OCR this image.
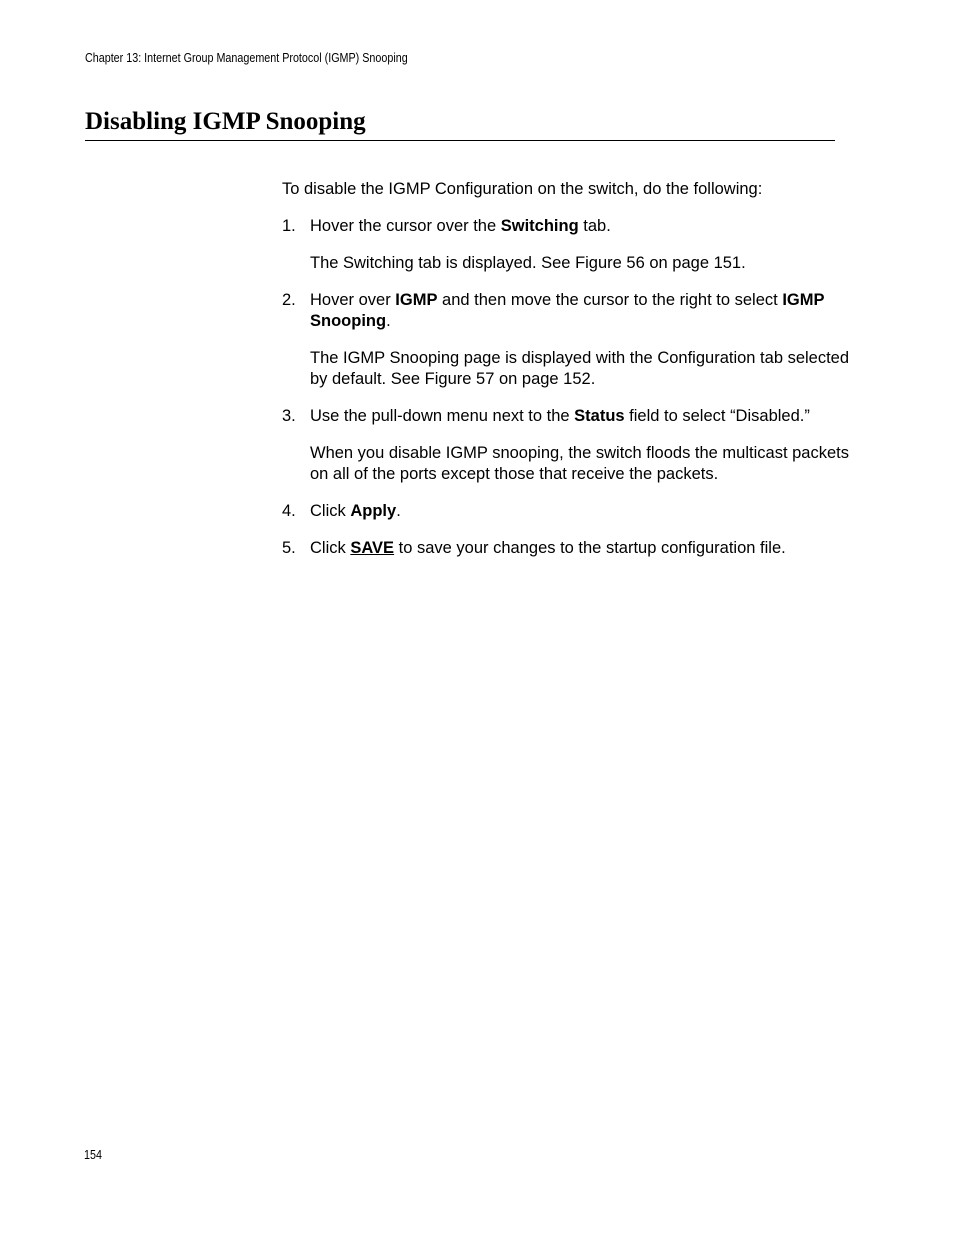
Chapter 13: Internet Group Management Protocol (IGMP) Snooping
Disabling IGMP Snooping

To disable the IGMP Configuration on the switch, do the following:

1. Hover the cursor over the Switching tab.

The Switching tab is displayed. See Figure 56 on page 151.

2. Hover over IGMP and then move the cursor to the right to select IGMP Snooping.

The IGMP Snooping page is displayed with the Configuration tab selected by default. See Figure 57 on page 152.

3. Use the pull-down menu next to the Status field to select “Disabled.”

When you disable IGMP snooping, the switch floods the multicast packets on all of the ports except those that receive the packets.

4. Click Apply.

5. Click SAVE to save your changes to the startup configuration file.

154
